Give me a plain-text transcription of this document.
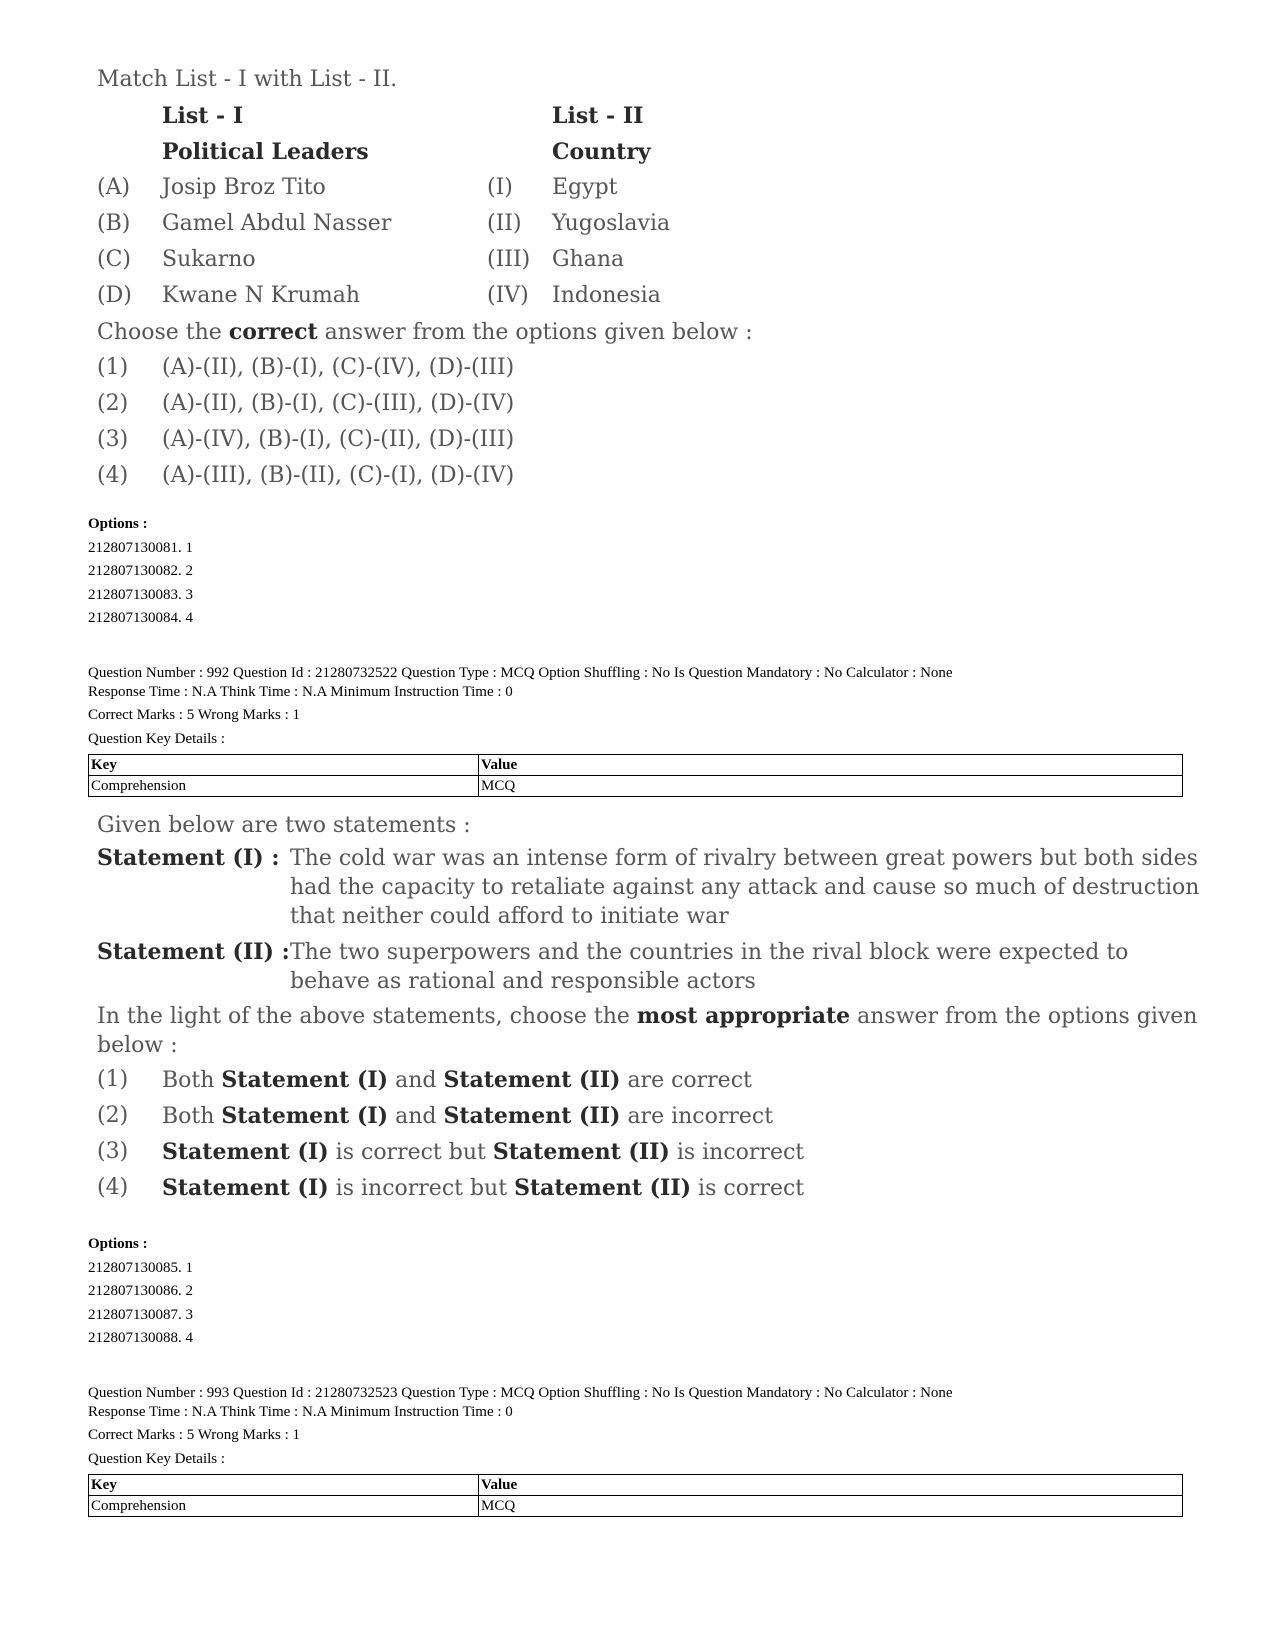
Match List - I with List - II.
List - I	List - II
Political Leaders	Country
(A)	Josip Broz Tito	(I)	Egypt
(B)	Gamel Abdul Nasser	(II)	Yugoslavia
(C)	Sukarno	(III) Ghana
(D)	Kwane N Krumah	(IV)	Indonesia
Choose the correct answer from the options given below :
(1)	(A)-(II), (B)-(I), (C)-(IV), (D)-(III)
(2)	(A)-(II), (B)-(I), (C)-(III), (D)-(IV)
(3)	(A)-(IV), (B)-(I), (C)-(II), (D)-(III)
(4)	(A)-(III), (B)-(II), (C)-(I), (D)-(IV)
Options :
212807130081. 1
212807130082. 2
212807130083. 3
212807130084. 4
Question Number : 992 Question Id : 21280732522 Question Type : MCQ Option Shuffling : No Is Question Mandatory : No Calculator : None
Response Time : N.A Think Time : N.A Minimum Instruction Time : 0
Correct Marks : 5 Wrong Marks : 1
Question Key Details :
Key	Value
Comprehension	MCQ
Given below are two statements :
Statement (I) : The cold war was an intense form of rivalry between great powers but both sides had the capacity to retaliate against any attack and cause so much of destruction that neither could afford to initiate war
Statement (II) : The two superpowers and the countries in the rival block were expected to behave as rational and responsible actors
In the light of the above statements, choose the most appropriate answer from the options given below :
(1)	Both Statement (I) and Statement (II) are correct
(2)	Both Statement (I) and Statement (II) are incorrect
(3)	Statement (I) is correct but Statement (II) is incorrect
(4)	Statement (I) is incorrect but Statement (II) is correct
Options :
212807130085. 1
212807130086. 2
212807130087. 3
212807130088. 4
Question Number : 993 Question Id : 21280732523 Question Type : MCQ Option Shuffling : No Is Question Mandatory : No Calculator : None
Response Time : N.A Think Time : N.A Minimum Instruction Time : 0
Correct Marks : 5 Wrong Marks : 1
Question Key Details :
Key	Value
Comprehension	MCQ
